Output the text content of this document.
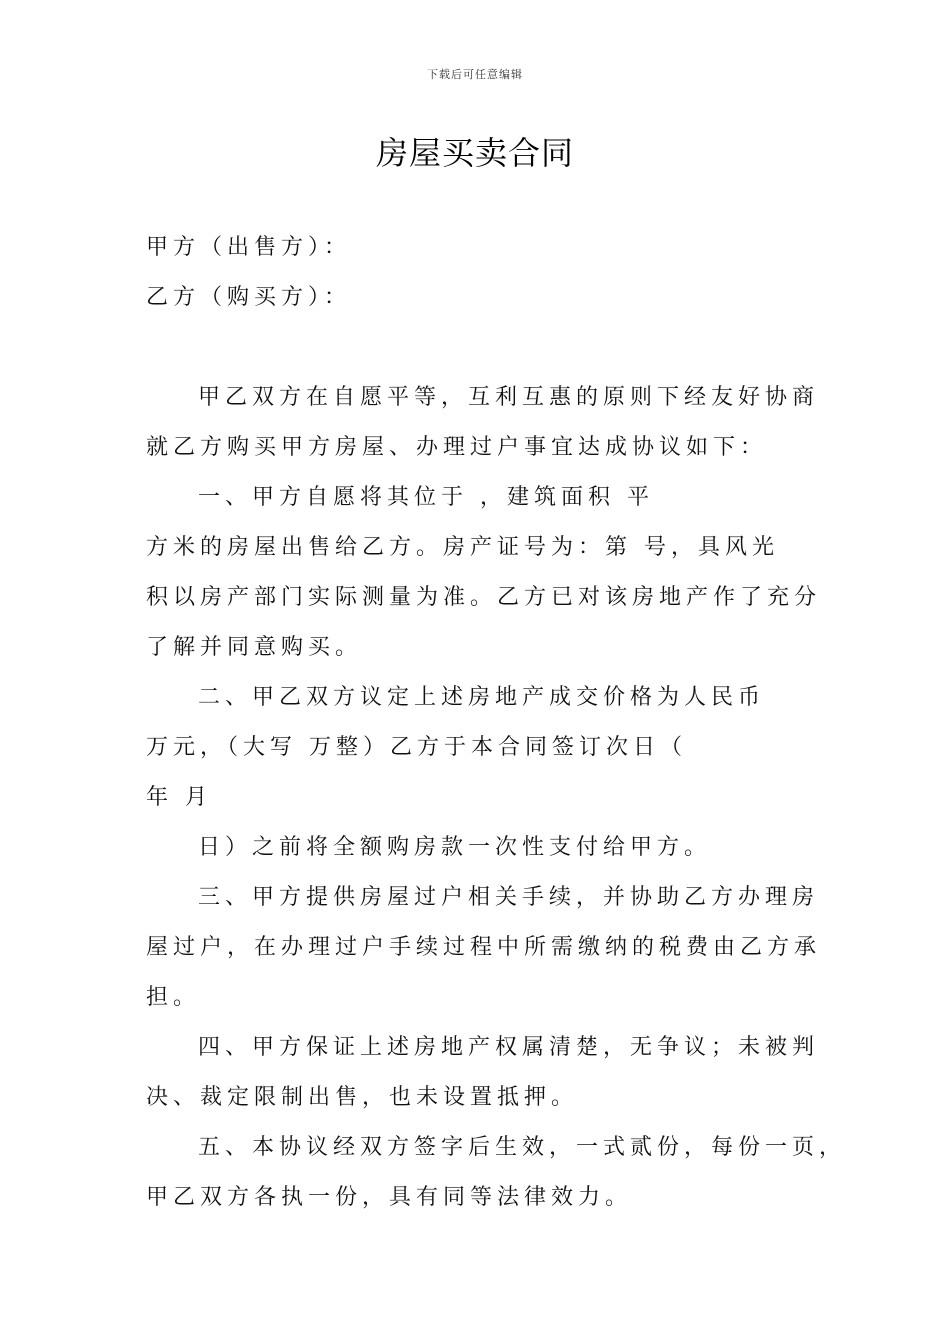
下载后可任意编辑
房屋买卖合同
甲方（出售方）：
乙方（购买方）：
甲乙双方在自愿平等，互利互惠的原则下经友好协商
就乙方购买甲方房屋、办理过户事宜达成协议如下：
一、甲方自愿将其位于 ，建筑面积 平
方米的房屋出售给乙方。房产证号为：第 号，具风光
积以房产部门实际测量为准。乙方已对该房地产作了充分
了解并同意购买。
二、甲乙双方议定上述房地产成交价格为人民币
万元，（大写 万整）乙方于本合同签订次日（
年 月
日）之前将全额购房款一次性支付给甲方。
三、甲方提供房屋过户相关手续，并协助乙方办理房
屋过户，在办理过户手续过程中所需缴纳的税费由乙方承
担。
四、甲方保证上述房地产权属清楚，无争议；未被判
决、裁定限制出售，也未设置抵押。
五、本协议经双方签字后生效，一式贰份，每份一页，
甲乙双方各执一份，具有同等法律效力。
